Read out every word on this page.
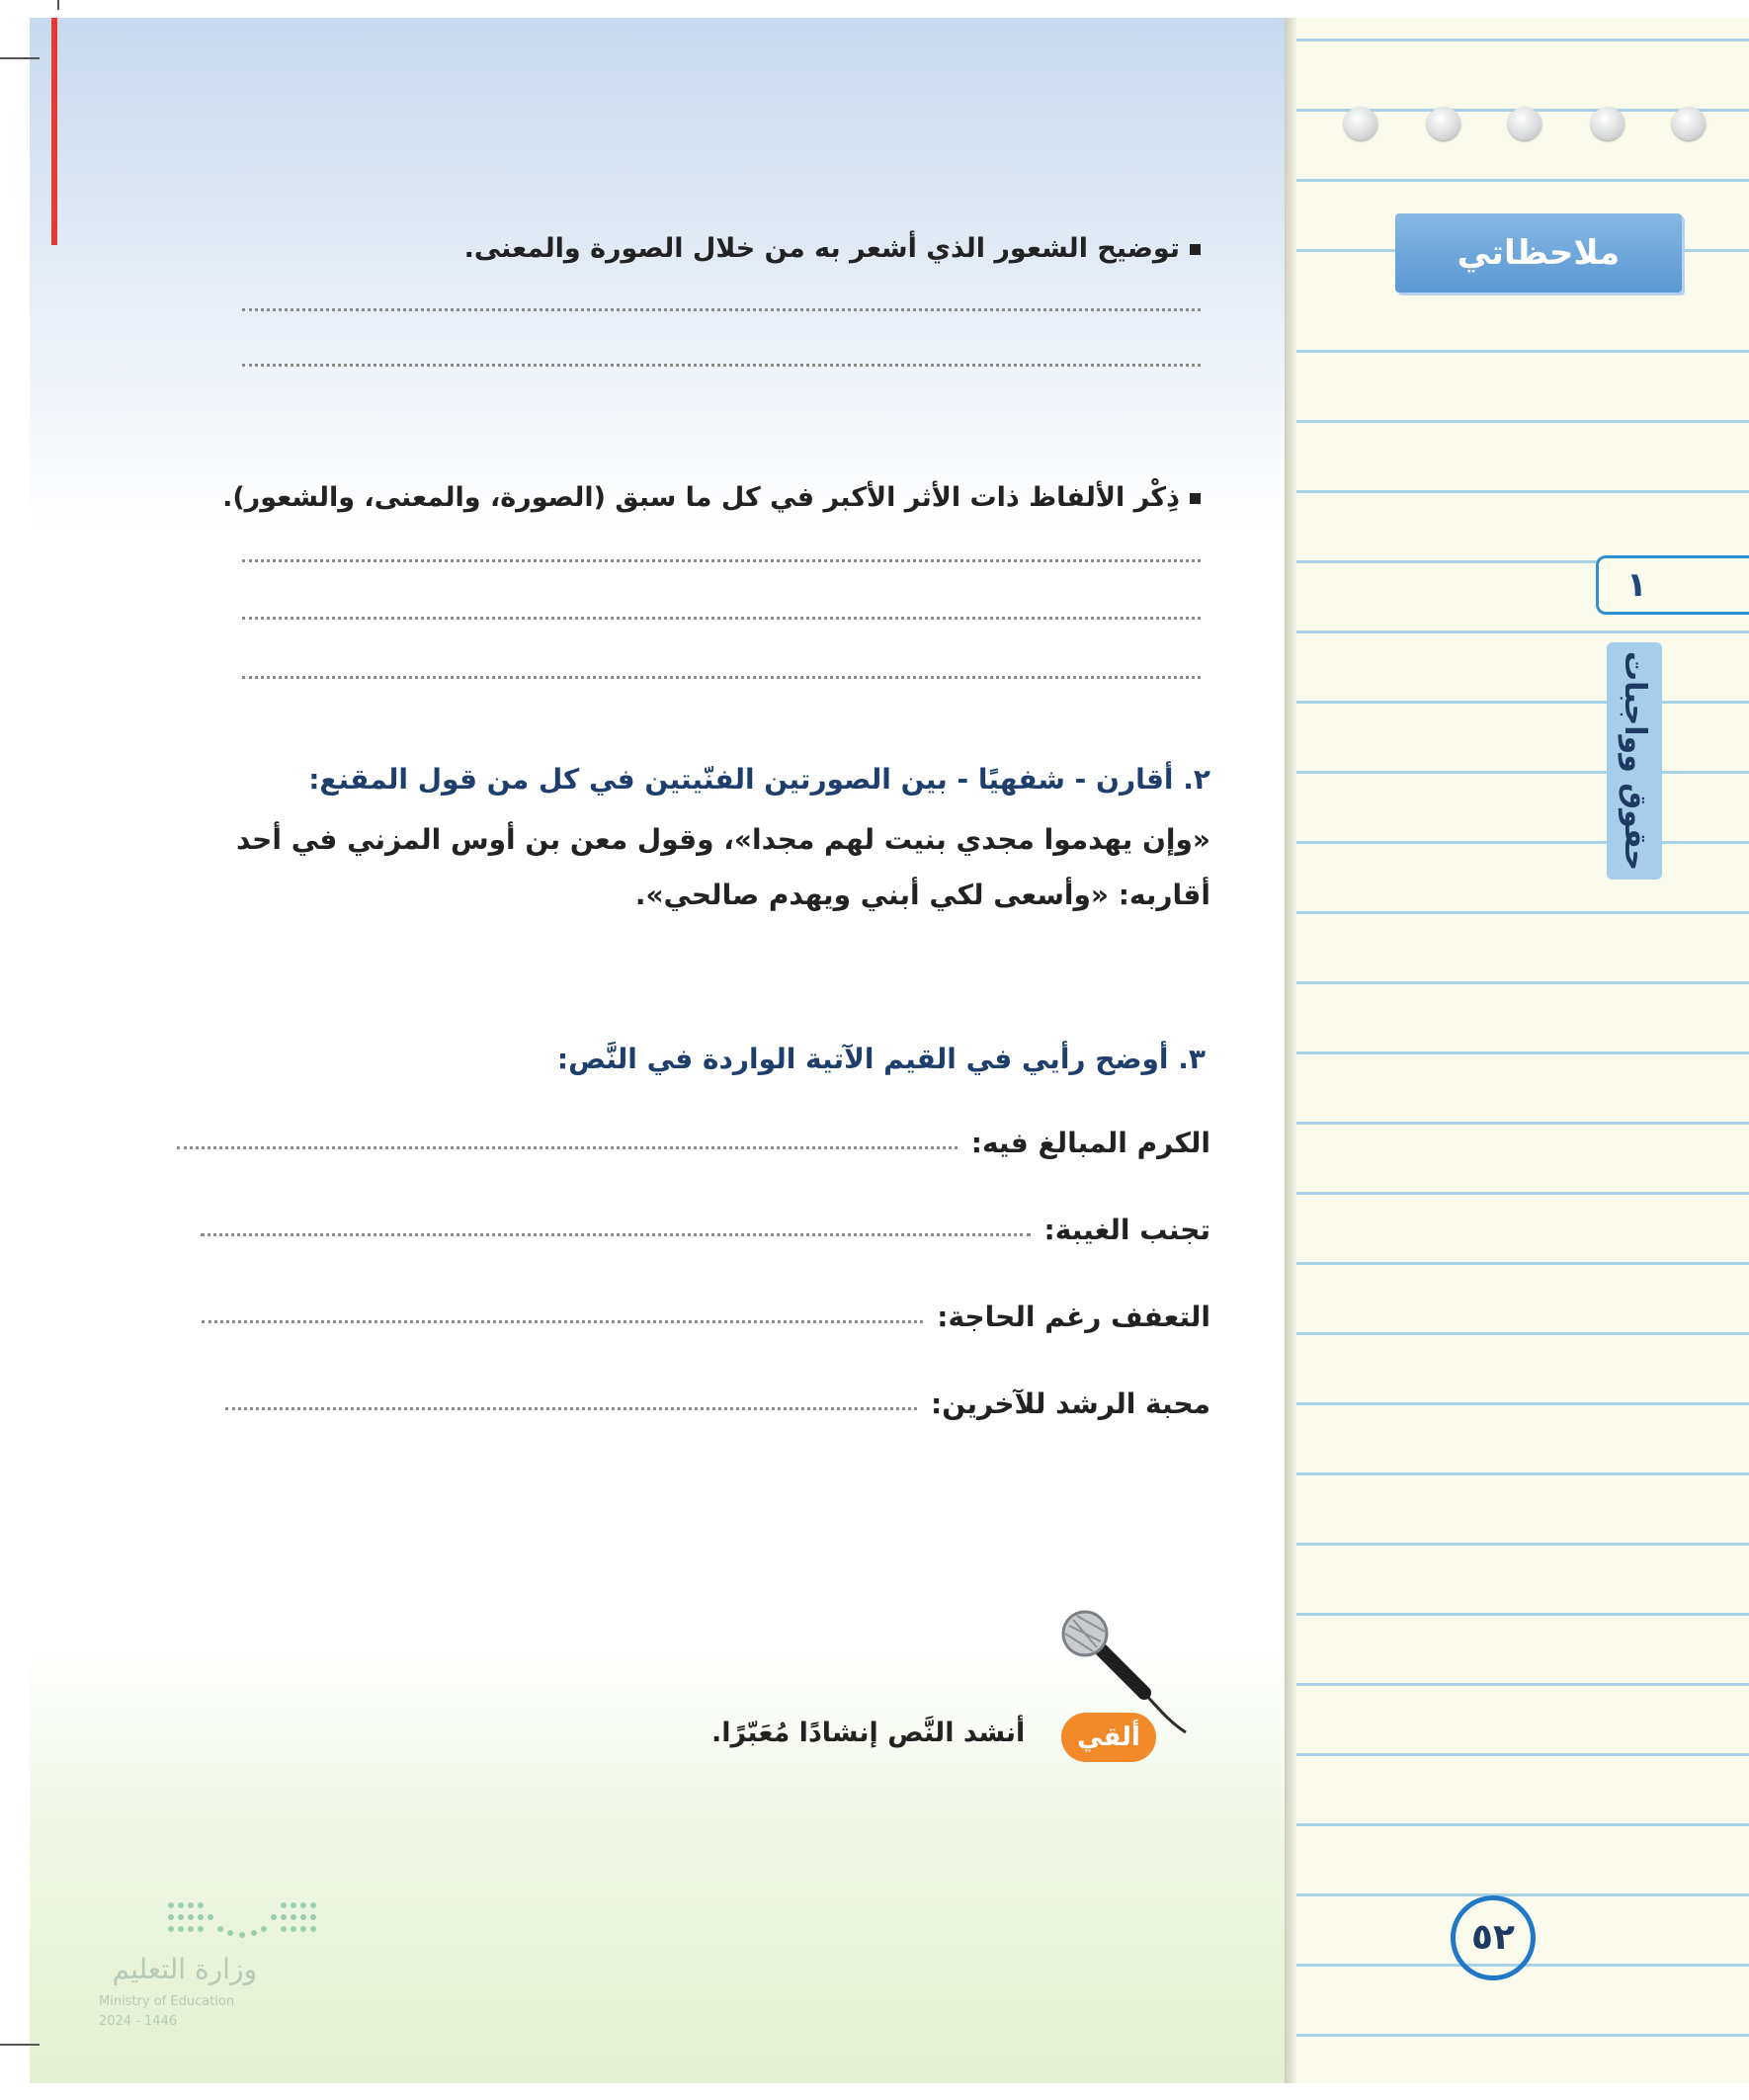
ملاحظاتي
١
حقوق وواجبات
٥٢
توضيح الشعور الذي أشعر به من خلال الصورة والمعنى.
ذِكْر الألفاظ ذات الأثر الأكبر في كل ما سبق (الصورة، والمعنى، والشعور).
٢. أقارن - شفهيًا - بين الصورتين الفنّيتين في كل من قول المقنع:
«وإن يهدموا مجدي بنيت لهم مجدا»، وقول معن بن أوس المزني في أحد
أقاربه: «وأسعى لكي أبني ويهدم صالحي».
٣. أوضح رأيي في القيم الآتية الواردة في النَّص:
الكرم المبالغ فيه:
تجنب الغيبة:
التعفف رغم الحاجة:
محبة الرشد للآخرين:
ألقي
أنشد النَّص إنشادًا مُعَبّرًا.
وزارة التعليم
Ministry of Education
2024 - 1446
